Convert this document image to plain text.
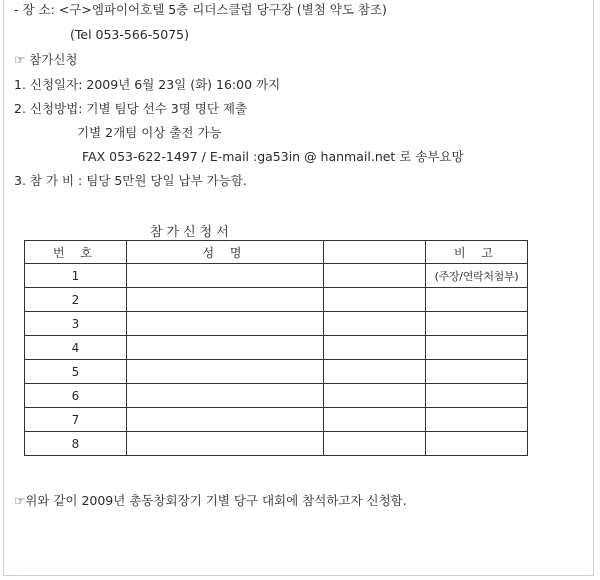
- 장 소: <구>엠파이어호텔 5층 리더스클럽 당구장 (별첨 약도 참조)
(Tel 053-566-5075)
☞ 참가신청
1. 신청일자: 2009년 6월 23일 (화) 16:00 까지
2. 신청방법: 기별 팀당 선수 3명 명단 제출
기별 2개팀 이상 출전 가능
FAX 053-622-1497 / E-mail :ga53in @ hanmail.net 로 송부요망
3. 참 가 비 : 팀당 5만원 당일 납부 가능함.
참가신청서
번 호	성 명		비 고
1			(주장/연락처첨부)
2			
3			
4			
5			
6			
7			
8			
☞위와 같이 2009년 총동창회장기 기별 당구 대회에 참석하고자 신청함.
